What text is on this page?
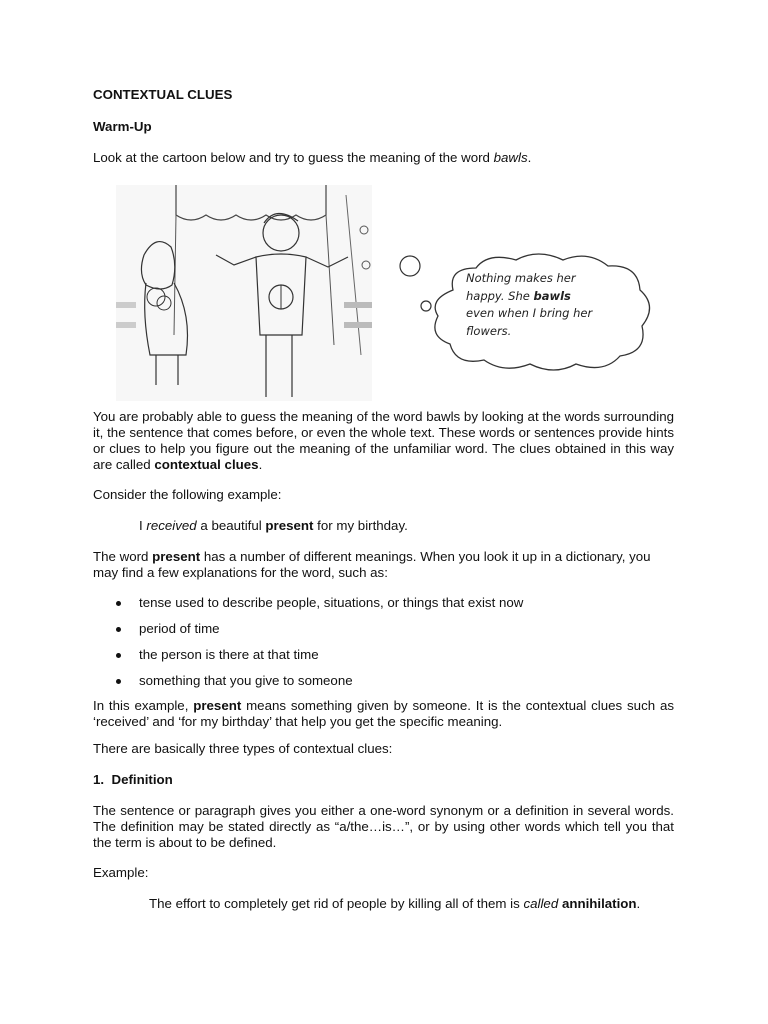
CONTEXTUAL CLUES

Warm-Up

Look at the cartoon below and try to guess the meaning of the word bawls.

Nothing makes her
happy. She bawls
even when I bring her
flowers.

You are probably able to guess the meaning of the word bawls by looking at the words surrounding it, the sentence that comes before, or even the whole text. These words or sentences provide hints or clues to help you figure out the meaning of the unfamiliar word. The clues obtained in this way are called contextual clues.

Consider the following example:

I received a beautiful present for my birthday.

The word present has a number of different meanings. When you look it up in a dictionary, you may find a few explanations for the word, such as:

tense used to describe people, situations, or things that exist now
period of time
the person is there at that time
something that you give to someone

In this example, present means something given by someone. It is the contextual clues such as ‘received’ and ‘for my birthday’ that help you get the specific meaning.

There are basically three types of contextual clues:

1.  Definition

The sentence or paragraph gives you either a one-word synonym or a definition in several words. The definition may be stated directly as “a/the…is…”, or by using other words which tell you that the term is about to be defined.

Example:

The effort to completely get rid of people by killing all of them is called annihilation.
